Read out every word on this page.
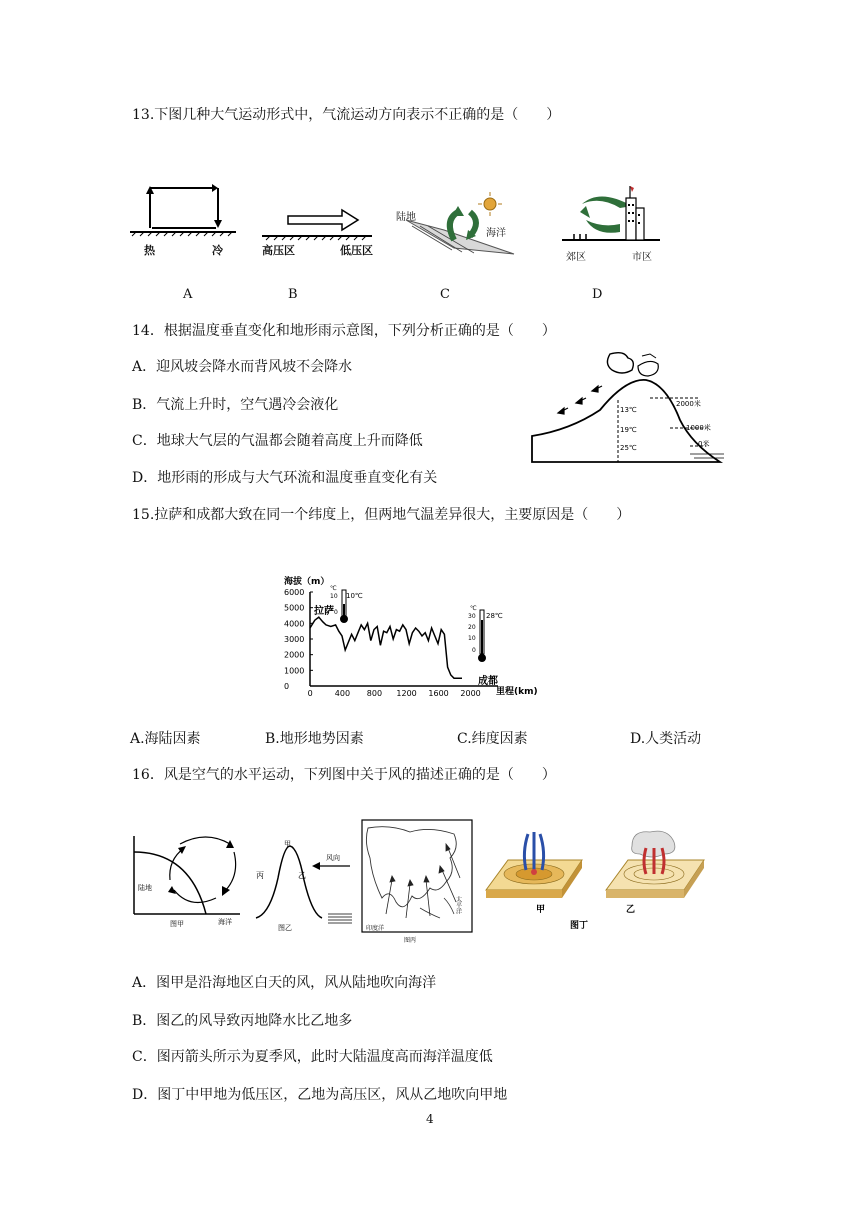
13.下图几种大气运动形式中，气流运动方向表示不正确的是（　　）
热	冷	高压区	低压区
陆地
海洋
郊区	市区
A	B	C	D
14．根据温度垂直变化和地形雨示意图，下列分析正确的是（　　）
A．迎风坡会降水而背风坡不会降水
B．气流上升时，空气遇冷会液化
C．地球大气层的气温都会随着高度上升而降低
D．地形雨的形成与大气环流和温度垂直变化有关
13℃
19℃
25℃
2000米
1000米
0米
15.拉萨和成都大致在同一个纬度上，但两地气温差异很大，主要原因是（　　）
海拔（m）
6000
5000
4000
3000
2000
1000
0
0	400 800 1200 1600 2000 里程(km)
拉萨
成都
℃
10
0
10℃
℃
30
20
10
0
28℃
A.海陆因素	B.地形地势因素	C.纬度因素	D.人类活动
16．风是空气的水平运动，下列图中关于风的描述正确的是（　　）
陆地
海洋
图甲
甲
丙	乙
风向
图乙
太平洋
印度洋
图丙
甲	乙
图丁
A．图甲是沿海地区白天的风，风从陆地吹向海洋
B．图乙的风导致丙地降水比乙地多
C．图丙箭头所示为夏季风，此时大陆温度高而海洋温度低
D．图丁中甲地为低压区，乙地为高压区，风从乙地吹向甲地
4
